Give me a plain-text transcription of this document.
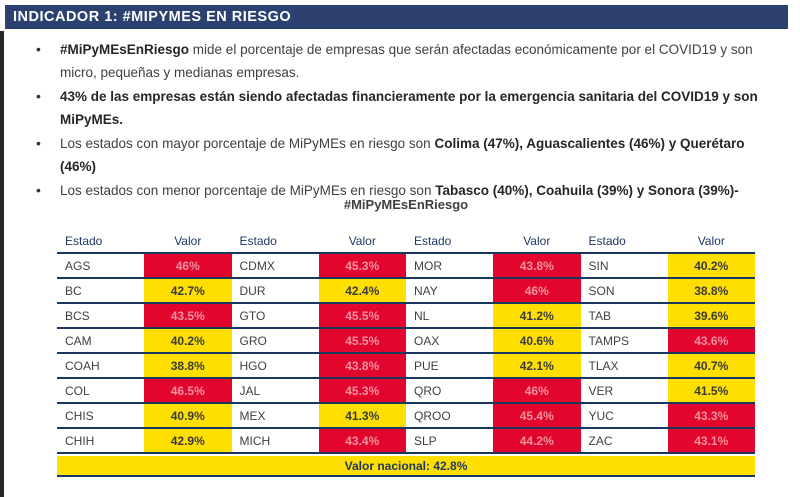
INDICADOR 1: #MIPYMES EN RIESGO
• #MiPyMEsEnRiesgo mide el porcentaje de empresas que serán afectadas económicamente por el COVID19 y son micro, pequeñas y medianas empresas.
• 43% de las empresas están siendo afectadas financieramente por la emergencia sanitaria del COVID19 y son MiPyMEs.
• Los estados con mayor porcentaje de MiPyMEs en riesgo son Colima (47%), Aguascalientes (46%) y Querétaro (46%)
• Los estados con menor porcentaje de MiPyMEs en riesgo son Tabasco (40%), Coahuila (39%) y Sonora (39%)-
#MiPyMEsEnRiesgo
Estado	Valor	Estado	Valor	Estado	Valor	Estado	Valor
AGS	46%	CDMX	45.3%	MOR	43.8%	SIN	40.2%
BC	42.7%	DUR	42.4%	NAY	46%	SON	38.8%
BCS	43.5%	GTO	45.5%	NL	41.2%	TAB	39.6%
CAM	40.2%	GRO	45.5%	OAX	40.6%	TAMPS	43.6%
COAH	38.8%	HGO	43.8%	PUE	42.1%	TLAX	40.7%
COL	46.5%	JAL	45.3%	QRO	46%	VER	41.5%
CHIS	40.9%	MEX	41.3%	QROO	45.4%	YUC	43.3%
CHIH	42.9%	MICH	43.4%	SLP	44.2%	ZAC	43.1%
Valor nacional: 42.8%
